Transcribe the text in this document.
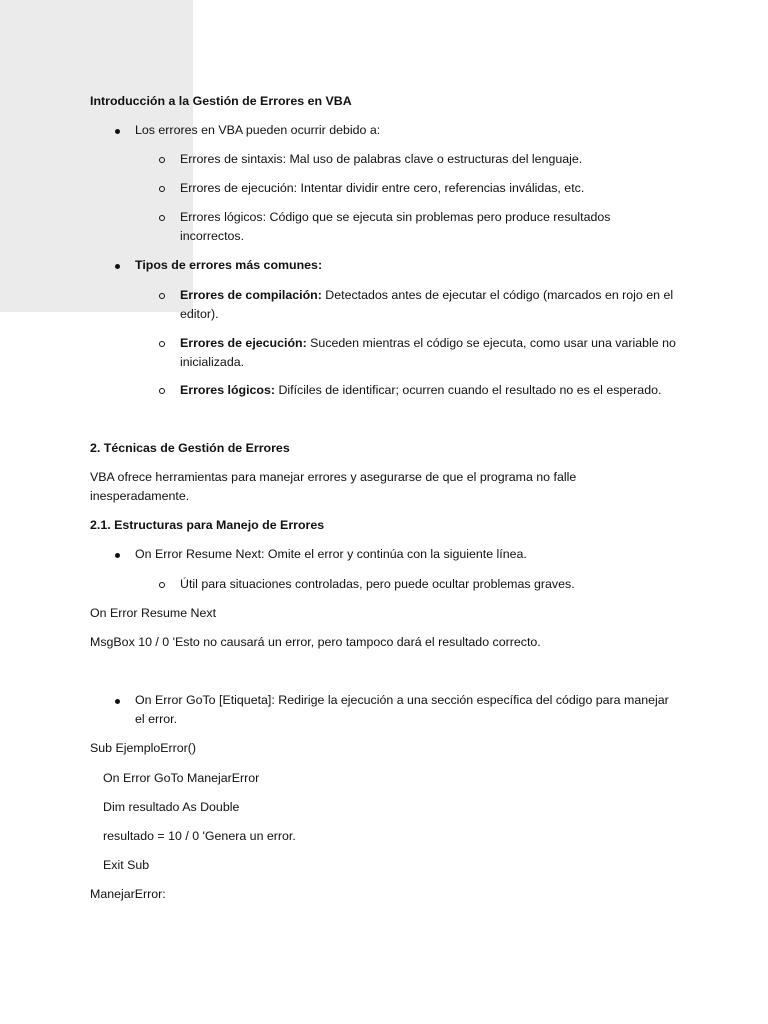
Introducción a la Gestión de Errores en VBA
Los errores en VBA pueden ocurrir debido a:
Errores de sintaxis: Mal uso de palabras clave o estructuras del lenguaje.
Errores de ejecución: Intentar dividir entre cero, referencias inválidas, etc.
Errores lógicos: Código que se ejecuta sin problemas pero produce resultados incorrectos.
Tipos de errores más comunes:
Errores de compilación: Detectados antes de ejecutar el código (marcados en rojo en el editor).
Errores de ejecución: Suceden mientras el código se ejecuta, como usar una variable no inicializada.
Errores lógicos: Difíciles de identificar; ocurren cuando el resultado no es el esperado.
2. Técnicas de Gestión de Errores
VBA ofrece herramientas para manejar errores y asegurarse de que el programa no falle inesperadamente.
2.1. Estructuras para Manejo de Errores
On Error Resume Next: Omite el error y continúa con la siguiente línea.
Útil para situaciones controladas, pero puede ocultar problemas graves.
On Error Resume Next
MsgBox 10 / 0 'Esto no causará un error, pero tampoco dará el resultado correcto.
On Error GoTo [Etiqueta]: Redirige la ejecución a una sección específica del código para manejar el error.
Sub EjemploError()
On Error GoTo ManejarError
Dim resultado As Double
resultado = 10 / 0 'Genera un error.
Exit Sub
ManejarError:
